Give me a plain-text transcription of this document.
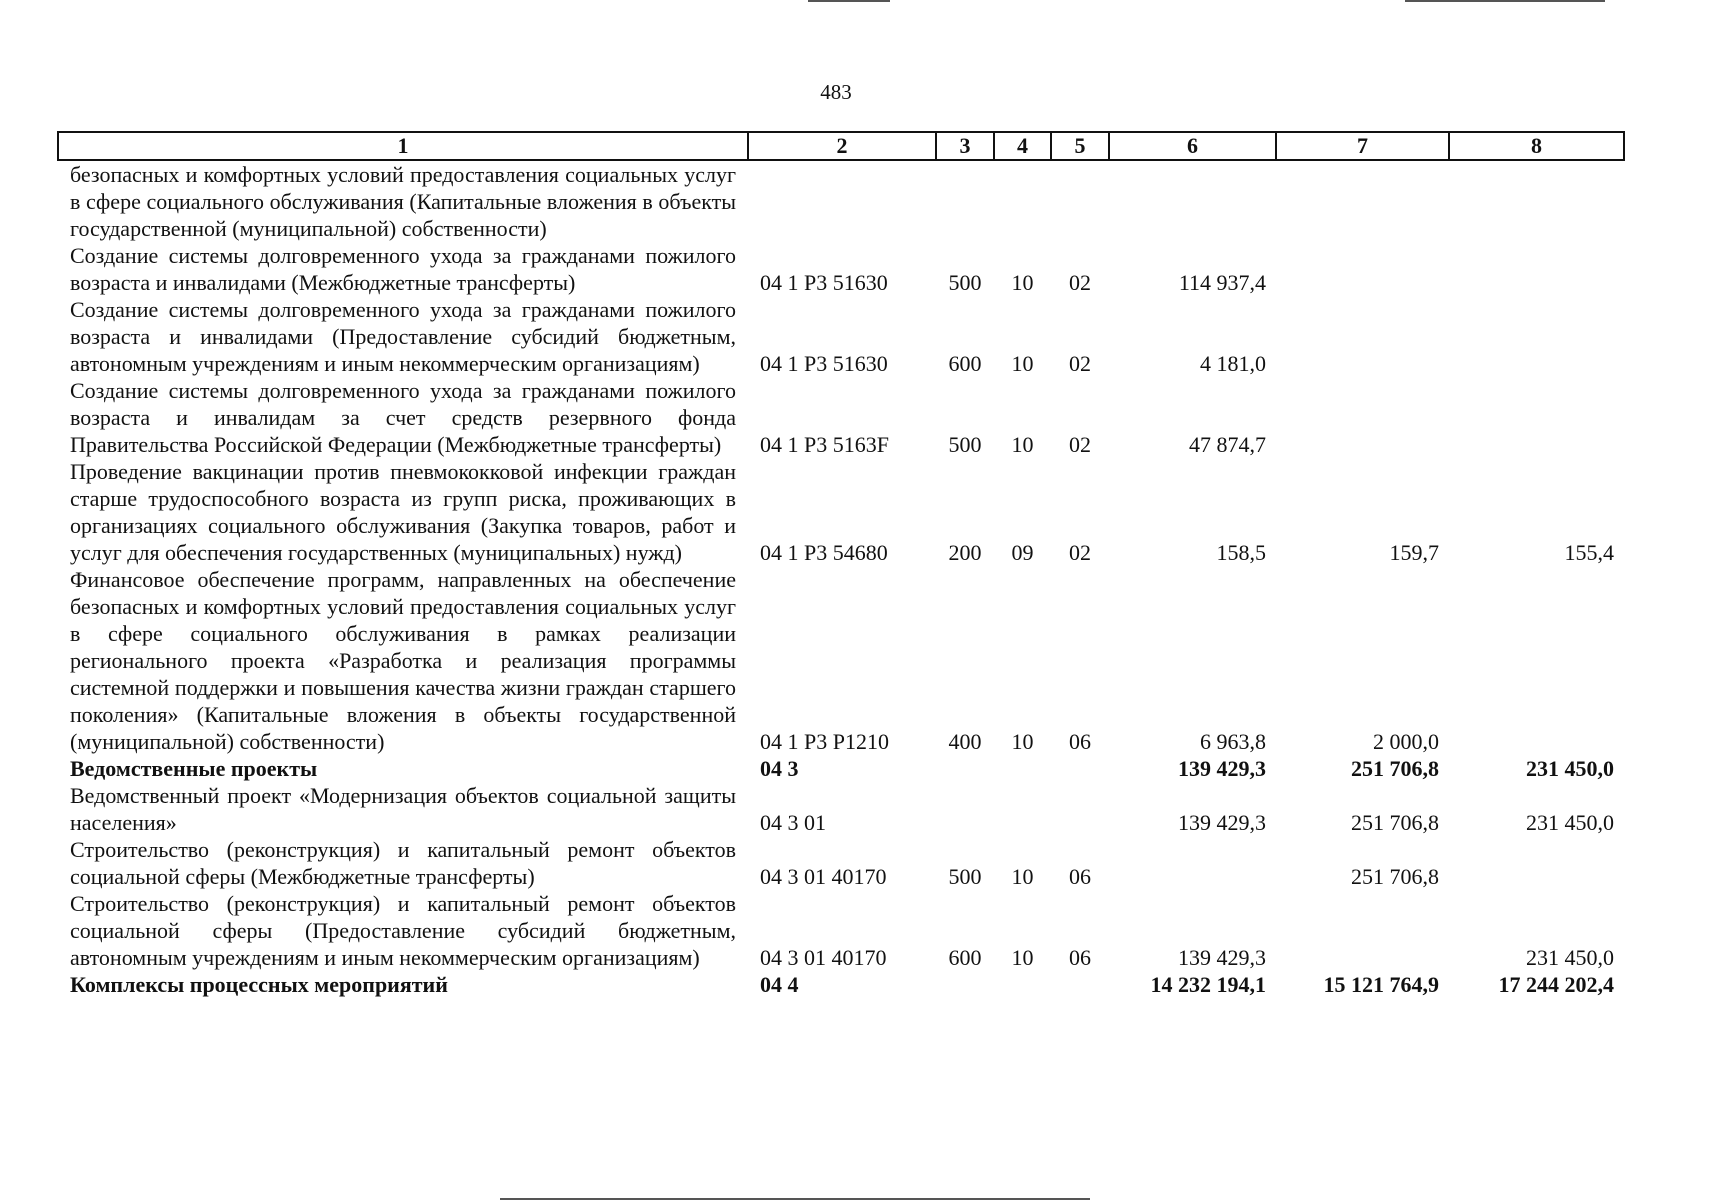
483
1	2	3	4	5	6	7	8
безопасных и комфортных условий предоставления социальных услуг в сфере социального обслуживания (Капитальные вложения в объекты государственной (муниципальной) собственности)							
Создание системы долговременного ухода за гражданами пожилого возраста и инвалидами (Межбюджетные трансферты)	04 1 Р3 51630	500	10	02	114 937,4		
Создание системы долговременного ухода за гражданами пожилого возраста и инвалидами (Предоставление субсидий бюджетным, автономным учреждениям и иным некоммерческим организациям)	04 1 Р3 51630	600	10	02	4 181,0		
Создание системы долговременного ухода за гражданами пожилого возраста и инвалидам за счет средств резервного фонда Правительства Российской Федерации (Межбюджетные трансферты)	04 1 Р3 5163F	500	10	02	47 874,7		
Проведение вакцинации против пневмококковой инфекции граждан старше трудоспособного возраста из групп риска, проживающих в организациях социального обслуживания (Закупка товаров, работ и услуг для обеспечения государственных (муниципальных) нужд)	04 1 Р3 54680	200	09	02	158,5	159,7	155,4
Финансовое обеспечение программ, направленных на обеспечение безопасных и комфортных условий предоставления социальных услуг в сфере социального обслуживания в рамках реализации регионального проекта «Разработка и реализация программы системной поддержки и повышения качества жизни граждан старшего поколения» (Капитальные вложения в объекты государственной (муниципальной) собственности)	04 1 Р3 Р1210	400	10	06	6 963,8	2 000,0	
Ведомственные проекты	04 3				139 429,3	251 706,8	231 450,0
Ведомственный проект «Модернизация объектов социальной защиты населения»	04 3 01				139 429,3	251 706,8	231 450,0
Строительство (реконструкция) и капитальный ремонт объектов социальной сферы (Межбюджетные трансферты)	04 3 01 40170	500	10	06		251 706,8	
Строительство (реконструкция) и капитальный ремонт объектов социальной сферы (Предоставление субсидий бюджетным, автономным учреждениям и иным некоммерческим организациям)	04 3 01 40170	600	10	06	139 429,3		231 450,0
Комплексы процессных мероприятий	04 4				14 232 194,1	15 121 764,9	17 244 202,4
